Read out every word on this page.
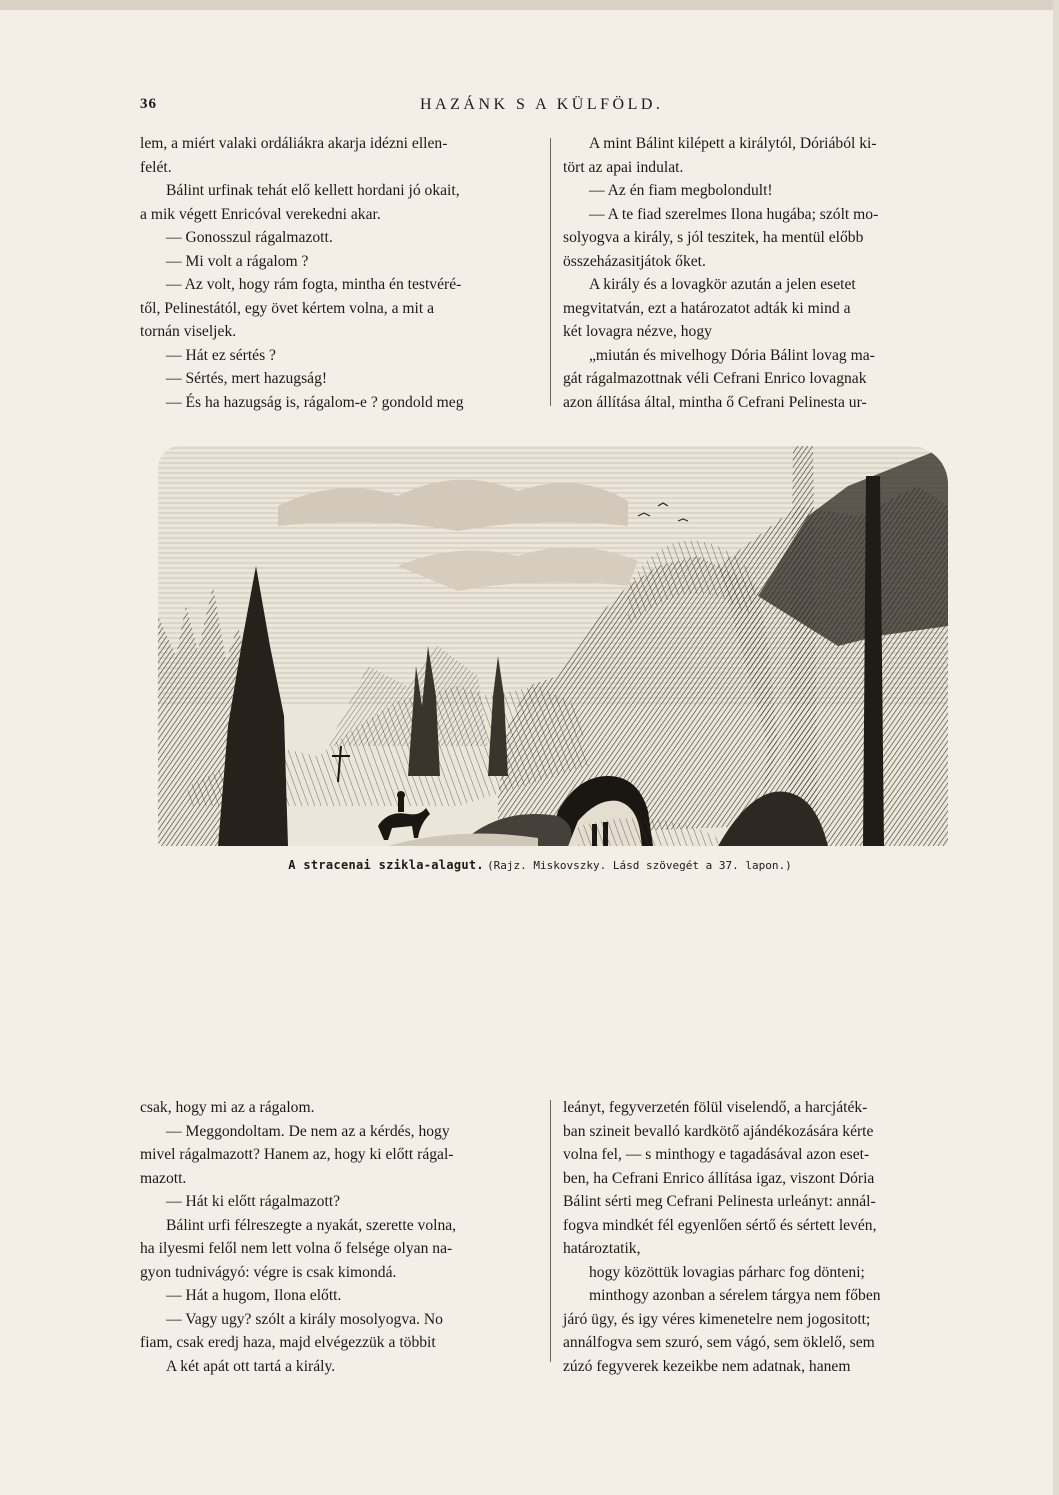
36	HAZÁNK S A KÜLFÖLD.

lem, a miért valaki ordáliákra akarja idézni ellen-

felét.

Bálint urfinak tehát elő kellett hordani jó okait,

a mik végett Enricóval verekedni akar.

— Gonosszul rágalmazott.

— Mi volt a rágalom ?

— Az volt, hogy rám fogta, mintha én testvéré-

től, Pelinestától, egy övet kértem volna, a mit a

tornán viseljek.

— Hát ez sértés ?

— Sértés, mert hazugság!

— És ha hazugság is, rágalom-e ? gondold meg

A mint Bálint kilépett a királytól, Dóriából ki-

tört az apai indulat.

— Az én fiam megbolondult!

— A te fiad szerelmes Ilona hugába; szólt mo-

solyogva a király, s jól teszitek, ha mentül előbb

összeházasitjátok őket.

A király és a lovagkör azután a jelen esetet

megvitatván, ezt a határozatot adták ki mind a

két lovagra nézve, hogy

„miután és mivelhogy Dória Bálint lovag ma-

gát rágalmazottnak véli Cefrani Enrico lovagnak

azon állítása által, mintha ő Cefrani Pelinesta ur-

A stracenai szikla-alagut. (Rajz. Miskovszky. Lásd szövegét a 37. lapon.)

csak, hogy mi az a rágalom.

— Meggondoltam. De nem az a kérdés, hogy

mivel rágalmazott? Hanem az, hogy ki előtt rágal-

mazott.

— Hát ki előtt rágalmazott?

Bálint urfi félreszegte a nyakát, szerette volna,

ha ilyesmi felől nem lett volna ő felsége olyan na-

gyon tudnivágyó: végre is csak kimondá.

— Hát a hugom, Ilona előtt.

— Vagy ugy? szólt a király mosolyogva. No

fiam, csak eredj haza, majd elvégezzük a többit

A két apát ott tartá a király.

leányt, fegyverzetén fölül viselendő, a harcjáték-

ban szineit bevalló kardkötő ajándékozására kérte

volna fel, — s minthogy e tagadásával azon eset-

ben, ha Cefrani Enrico állítása igaz, viszont Dória

Bálint sérti meg Cefrani Pelinesta urleányt: annál-

fogva mindkét fél egyenlően sértő és sértett levén,

határoztatik,

hogy közöttük lovagias párharc fog dönteni;

minthogy azonban a sérelem tárgya nem főben

járó ügy, és igy véres kimenetelre nem jogositott;

annálfogva sem szuró, sem vágó, sem öklelő, sem

zúzó fegyverek kezeikbe nem adatnak, hanem
